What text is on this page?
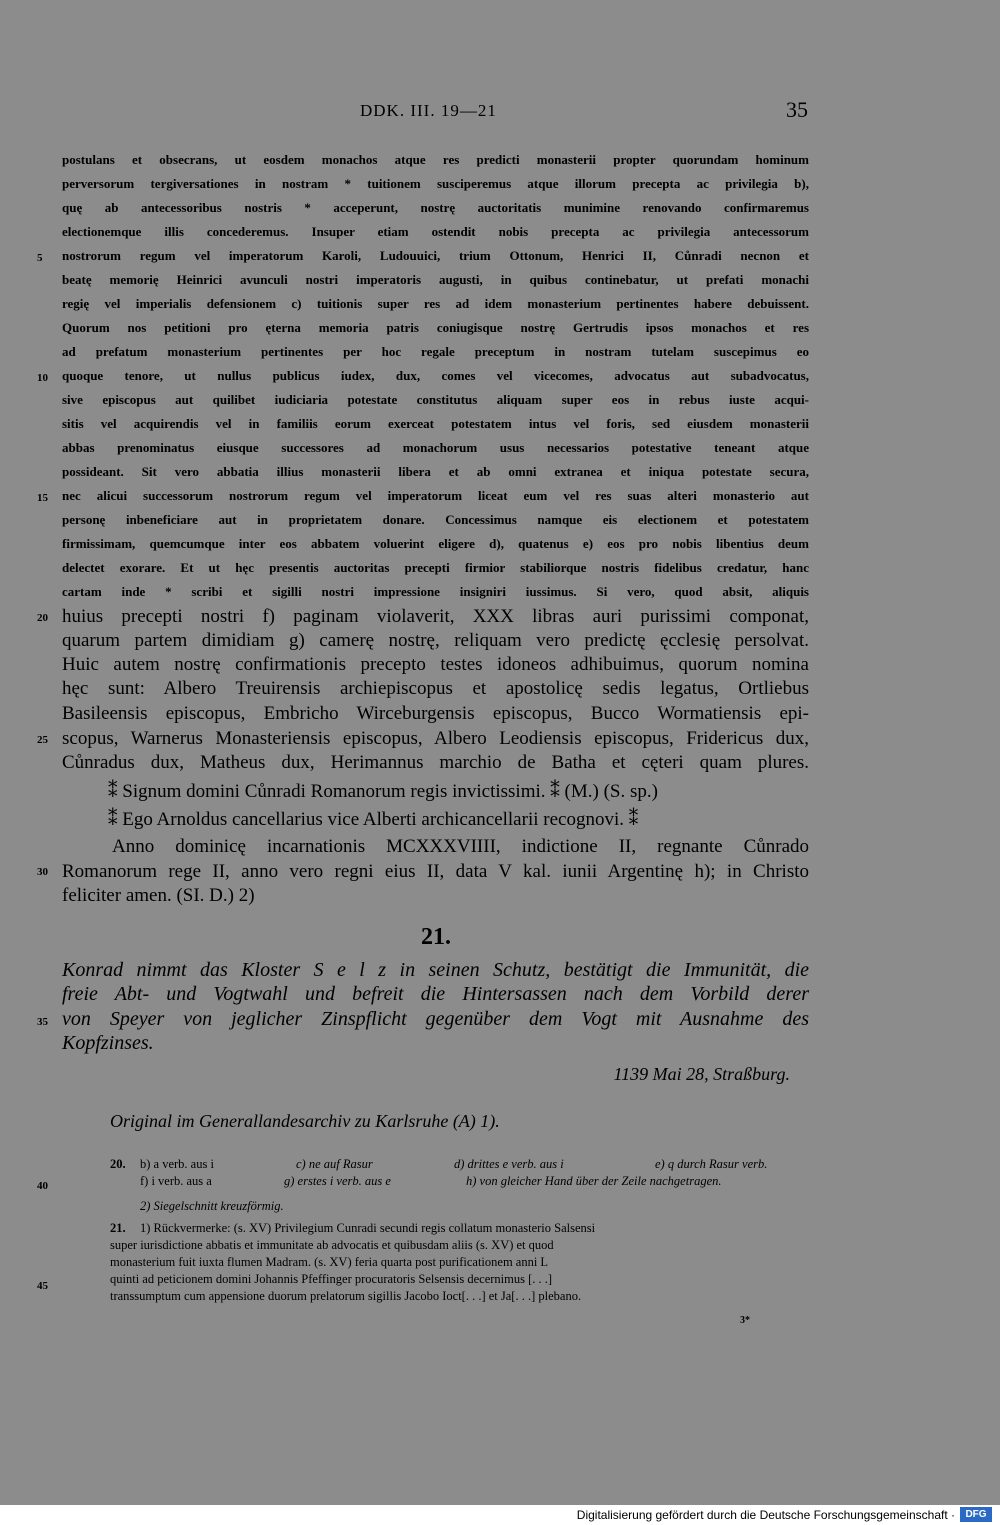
DDK. III. 19—21	35
5
10
15
20
25
30
35
40
45
postulans et obsecrans, ut eosdem monachos atque res predicti monasterii propter quorundam hominum
perversorum tergiversationes in nostram * tuitionem susciperemus atque illorum precepta ac privilegia b),
quę ab antecessoribus nostris * acceperunt, nostrę auctoritatis munimine renovando confirmaremus
electionemque illis concederemus. Insuper etiam ostendit nobis precepta ac privilegia antecessorum
nostrorum regum vel imperatorum Karoli, Ludouuici, trium Ottonum, Henrici II, Cůnradi necnon et
beatę memorię Heinrici avunculi nostri imperatoris augusti, in quibus continebatur, ut prefati monachi
regię vel imperialis defensionem c) tuitionis super res ad idem monasterium pertinentes habere debuissent.
Quorum nos petitioni pro ęterna memoria patris coniugisque nostrę Gertrudis ipsos monachos et res
ad prefatum monasterium pertinentes per hoc regale preceptum in nostram tutelam suscepimus eo
quoque tenore, ut nullus publicus iudex, dux, comes vel vicecomes, advocatus aut subadvocatus,
sive episcopus aut quilibet iudiciaria potestate constitutus aliquam super eos in rebus iuste acqui-
sitis vel acquirendis vel in familiis eorum exerceat potestatem intus vel foris, sed eiusdem monasterii
abbas prenominatus eiusque successores ad monachorum usus necessarios potestative teneant atque
possideant. Sit vero abbatia illius monasterii libera et ab omni extranea et iniqua potestate secura,
nec alicui successorum nostrorum regum vel imperatorum liceat eum vel res suas alteri monasterio aut
personę inbeneficiare aut in proprietatem donare. Concessimus namque eis electionem et potestatem
firmissimam, quemcumque inter eos abbatem voluerint eligere d), quatenus e) eos pro nobis libentius deum
delectet exorare. Et ut hęc presentis auctoritas precepti firmior stabiliorque nostris fidelibus credatur, hanc
cartam inde * scribi et sigilli nostri impressione insigniri iussimus. Si vero, quod absit, aliquis
huius precepti nostri f) paginam violaverit, XXX libras auri purissimi componat,
quarum partem dimidiam g) camerę nostrę, reliquam vero predictę ęcclesię persolvat.
Huic autem nostrę confirmationis precepto testes idoneos adhibuimus, quorum nomina
hęc sunt: Albero Treuirensis archiepiscopus et apostolicę sedis legatus, Ortliebus
Basileensis episcopus, Embricho Wirceburgensis episcopus, Bucco Wormatiensis epi-
scopus, Warnerus Monasteriensis episcopus, Albero Leodiensis episcopus, Fridericus dux,
Cůnradus dux, Matheus dux, Herimannus marchio de Batha et cęteri quam plures.
⁑ Signum domini Cůnradi Romanorum regis invictissimi. ⁑ (M.) (S. sp.)
⁑ Ego Arnoldus cancellarius vice Alberti archicancellarii recognovi. ⁑
Anno dominicę incarnationis MCXXXVIIII, indictione II, regnante Cůnrado
Romanorum rege II, anno vero regni eius II, data V kal. iunii Argentinę h); in Christo
feliciter amen. (SI. D.) 2)
21.
Konrad nimmt das Kloster S e l z in seinen Schutz, bestätigt die Immunität, die
freie Abt- und Vogtwahl und befreit die Hintersassen nach dem Vorbild derer
von Speyer von jeglicher Zinspflicht gegenüber dem Vogt mit Ausnahme des
Kopfzinses.
1139 Mai 28, Straßburg.
Original im Generallandesarchiv zu Karlsruhe (A) 1).
20. b) a verb. aus i	c) ne auf Rasur	d) drittes e verb. aus i	e) q durch Rasur verb.
f) i verb. aus a	g) erstes i verb. aus e	h) von gleicher Hand über der Zeile nachgetragen.
2) Siegelschnitt kreuzförmig.
21. 1) Rückvermerke: (s. XV) Privilegium Cunradi secundi regis collatum monasterio Salsensi
super iurisdictione abbatis et immunitate ab advocatis et quibusdam aliis (s. XV) et quod
monasterium fuit iuxta flumen Madram. (s. XV) feria quarta post purificationem anni L
quinti ad peticionem domini Johannis Pfeffinger procuratoris Selsensis decernimus [. . .]
transsumptum cum appensione duorum prelatorum sigillis Jacobo Ioct[. . .] et Ja[. . .] plebano.
3*
Digitalisierung gefördert durch die Deutsche Forschungsgemeinschaft ·	DFG
